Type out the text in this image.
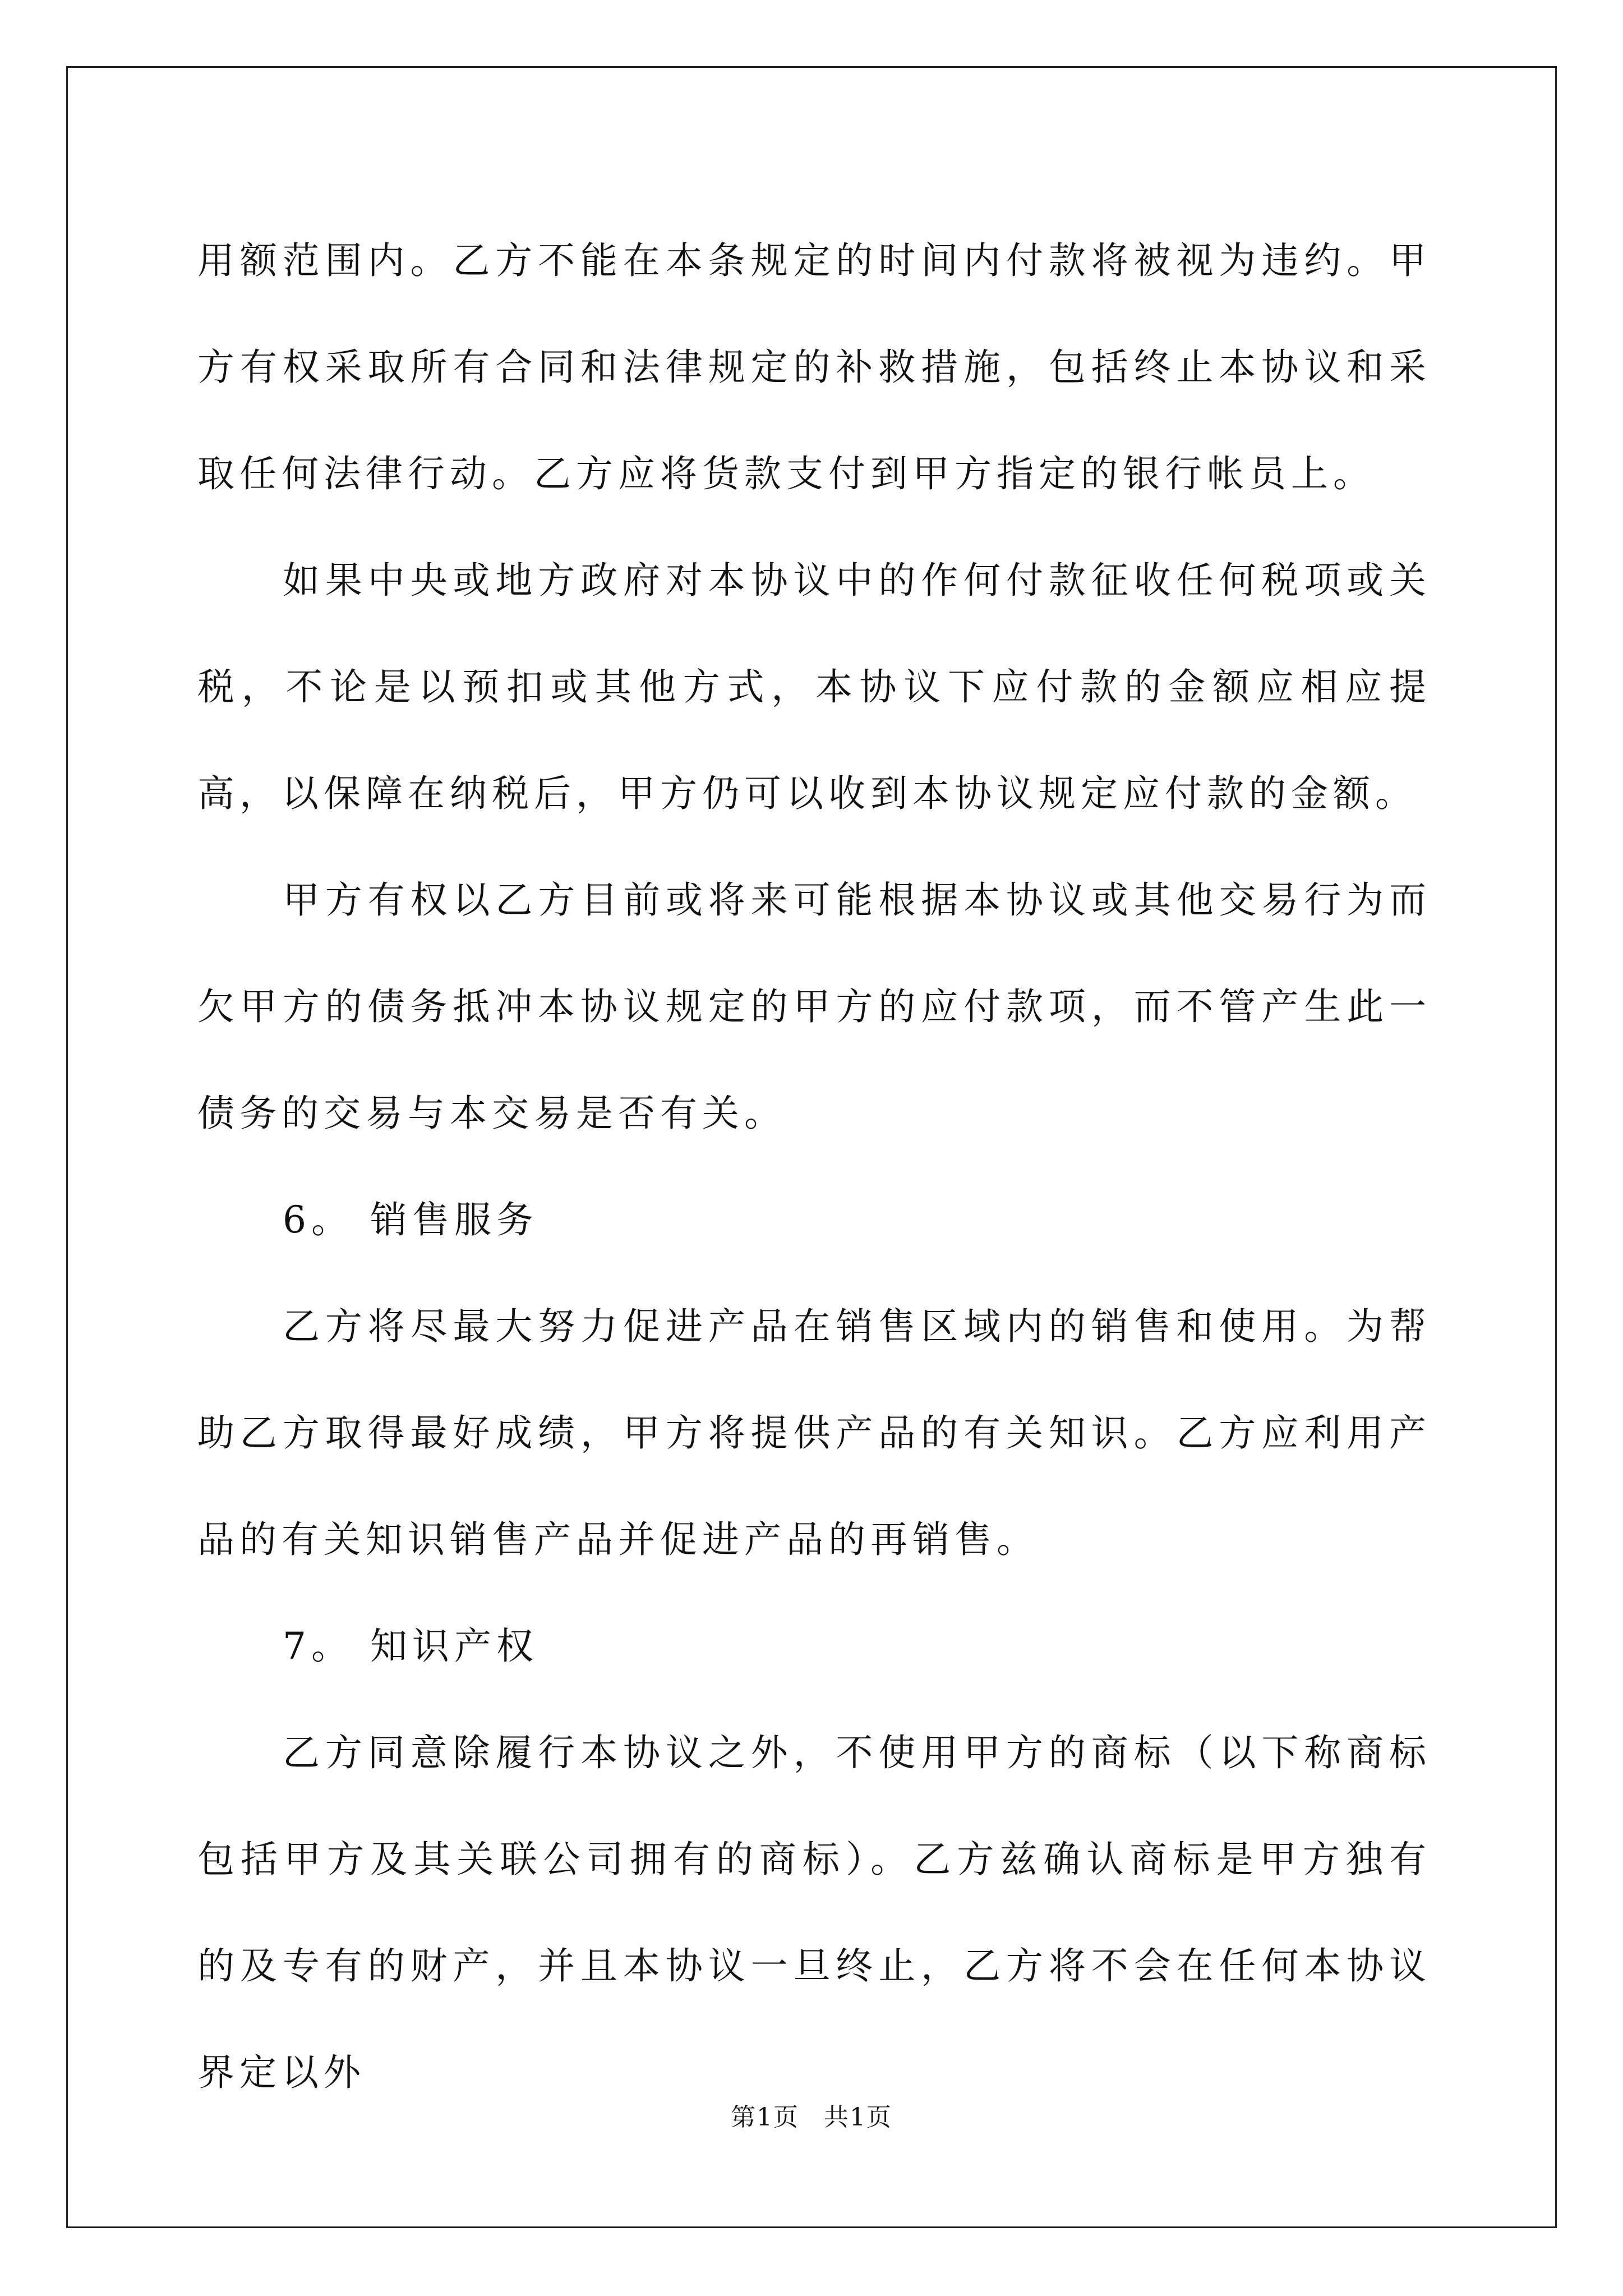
用额范围内。乙方不能在本条规定的时间内付款将被视为违约。甲方有权采取所有合同和法律规定的补救措施，包括终止本协议和采取任何法律行动。乙方应将货款支付到甲方指定的银行帐员上。

如果中央或地方政府对本协议中的作何付款征收任何税项或关税，不论是以预扣或其他方式，本协议下应付款的金额应相应提高，以保障在纳税后，甲方仍可以收到本协议规定应付款的金额。

甲方有权以乙方目前或将来可能根据本协议或其他交易行为而欠甲方的债务抵冲本协议规定的甲方的应付款项，而不管产生此一债务的交易与本交易是否有关。

6。 销售服务

乙方将尽最大努力促进产品在销售区域内的销售和使用。为帮助乙方取得最好成绩，甲方将提供产品的有关知识。乙方应利用产品的有关知识销售产品并促进产品的再销售。

7。 知识产权

乙方同意除履行本协议之外，不使用甲方的商标（以下称商标包括甲方及其关联公司拥有的商标）。乙方兹确认商标是甲方独有的及专有的财产，并且本协议一旦终止，乙方将不会在任何本协议界定以外

第1页 共1页
